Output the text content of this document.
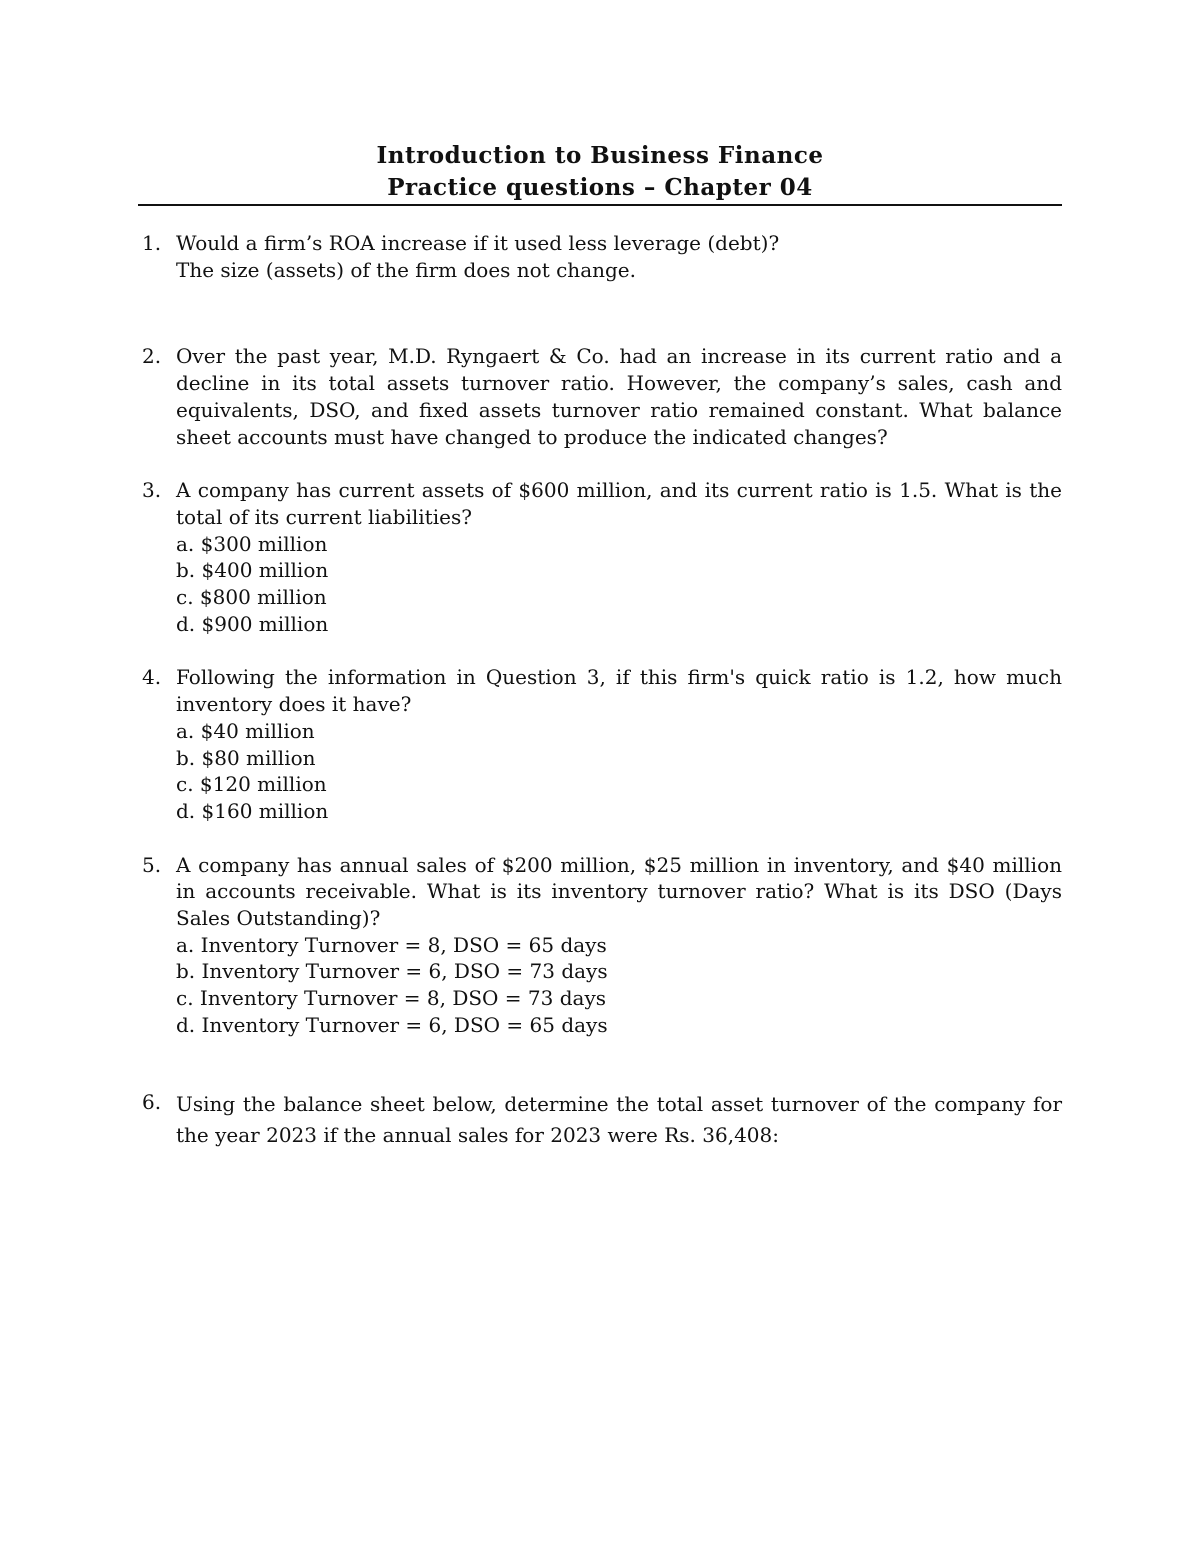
Introduction to Business Finance
Practice questions – Chapter 04
1. Would a firm’s ROA increase if it used less leverage (debt)?
The size (assets) of the firm does not change.
2. Over the past year, M.D. Ryngaert & Co. had an increase in its current ratio and a decline in its total assets turnover ratio. However, the company’s sales, cash and equivalents, DSO, and fixed assets turnover ratio remained constant. What balance sheet accounts must have changed to produce the indicated changes?
3. A company has current assets of $600 million, and its current ratio is 1.5. What is the total of its current liabilities?
a. $300 million
b. $400 million
c. $800 million
d. $900 million
4. Following the information in Question 3, if this firm's quick ratio is 1.2, how much inventory does it have?
a. $40 million
b. $80 million
c. $120 million
d. $160 million
5. A company has annual sales of $200 million, $25 million in inventory, and $40 million in accounts receivable. What is its inventory turnover ratio? What is its DSO (Days Sales Outstanding)?
a. Inventory Turnover = 8, DSO = 65 days
b. Inventory Turnover = 6, DSO = 73 days
c. Inventory Turnover = 8, DSO = 73 days
d. Inventory Turnover = 6, DSO = 65 days
6. Using the balance sheet below, determine the total asset turnover of the company for the year 2023 if the annual sales for 2023 were Rs. 36,408:
